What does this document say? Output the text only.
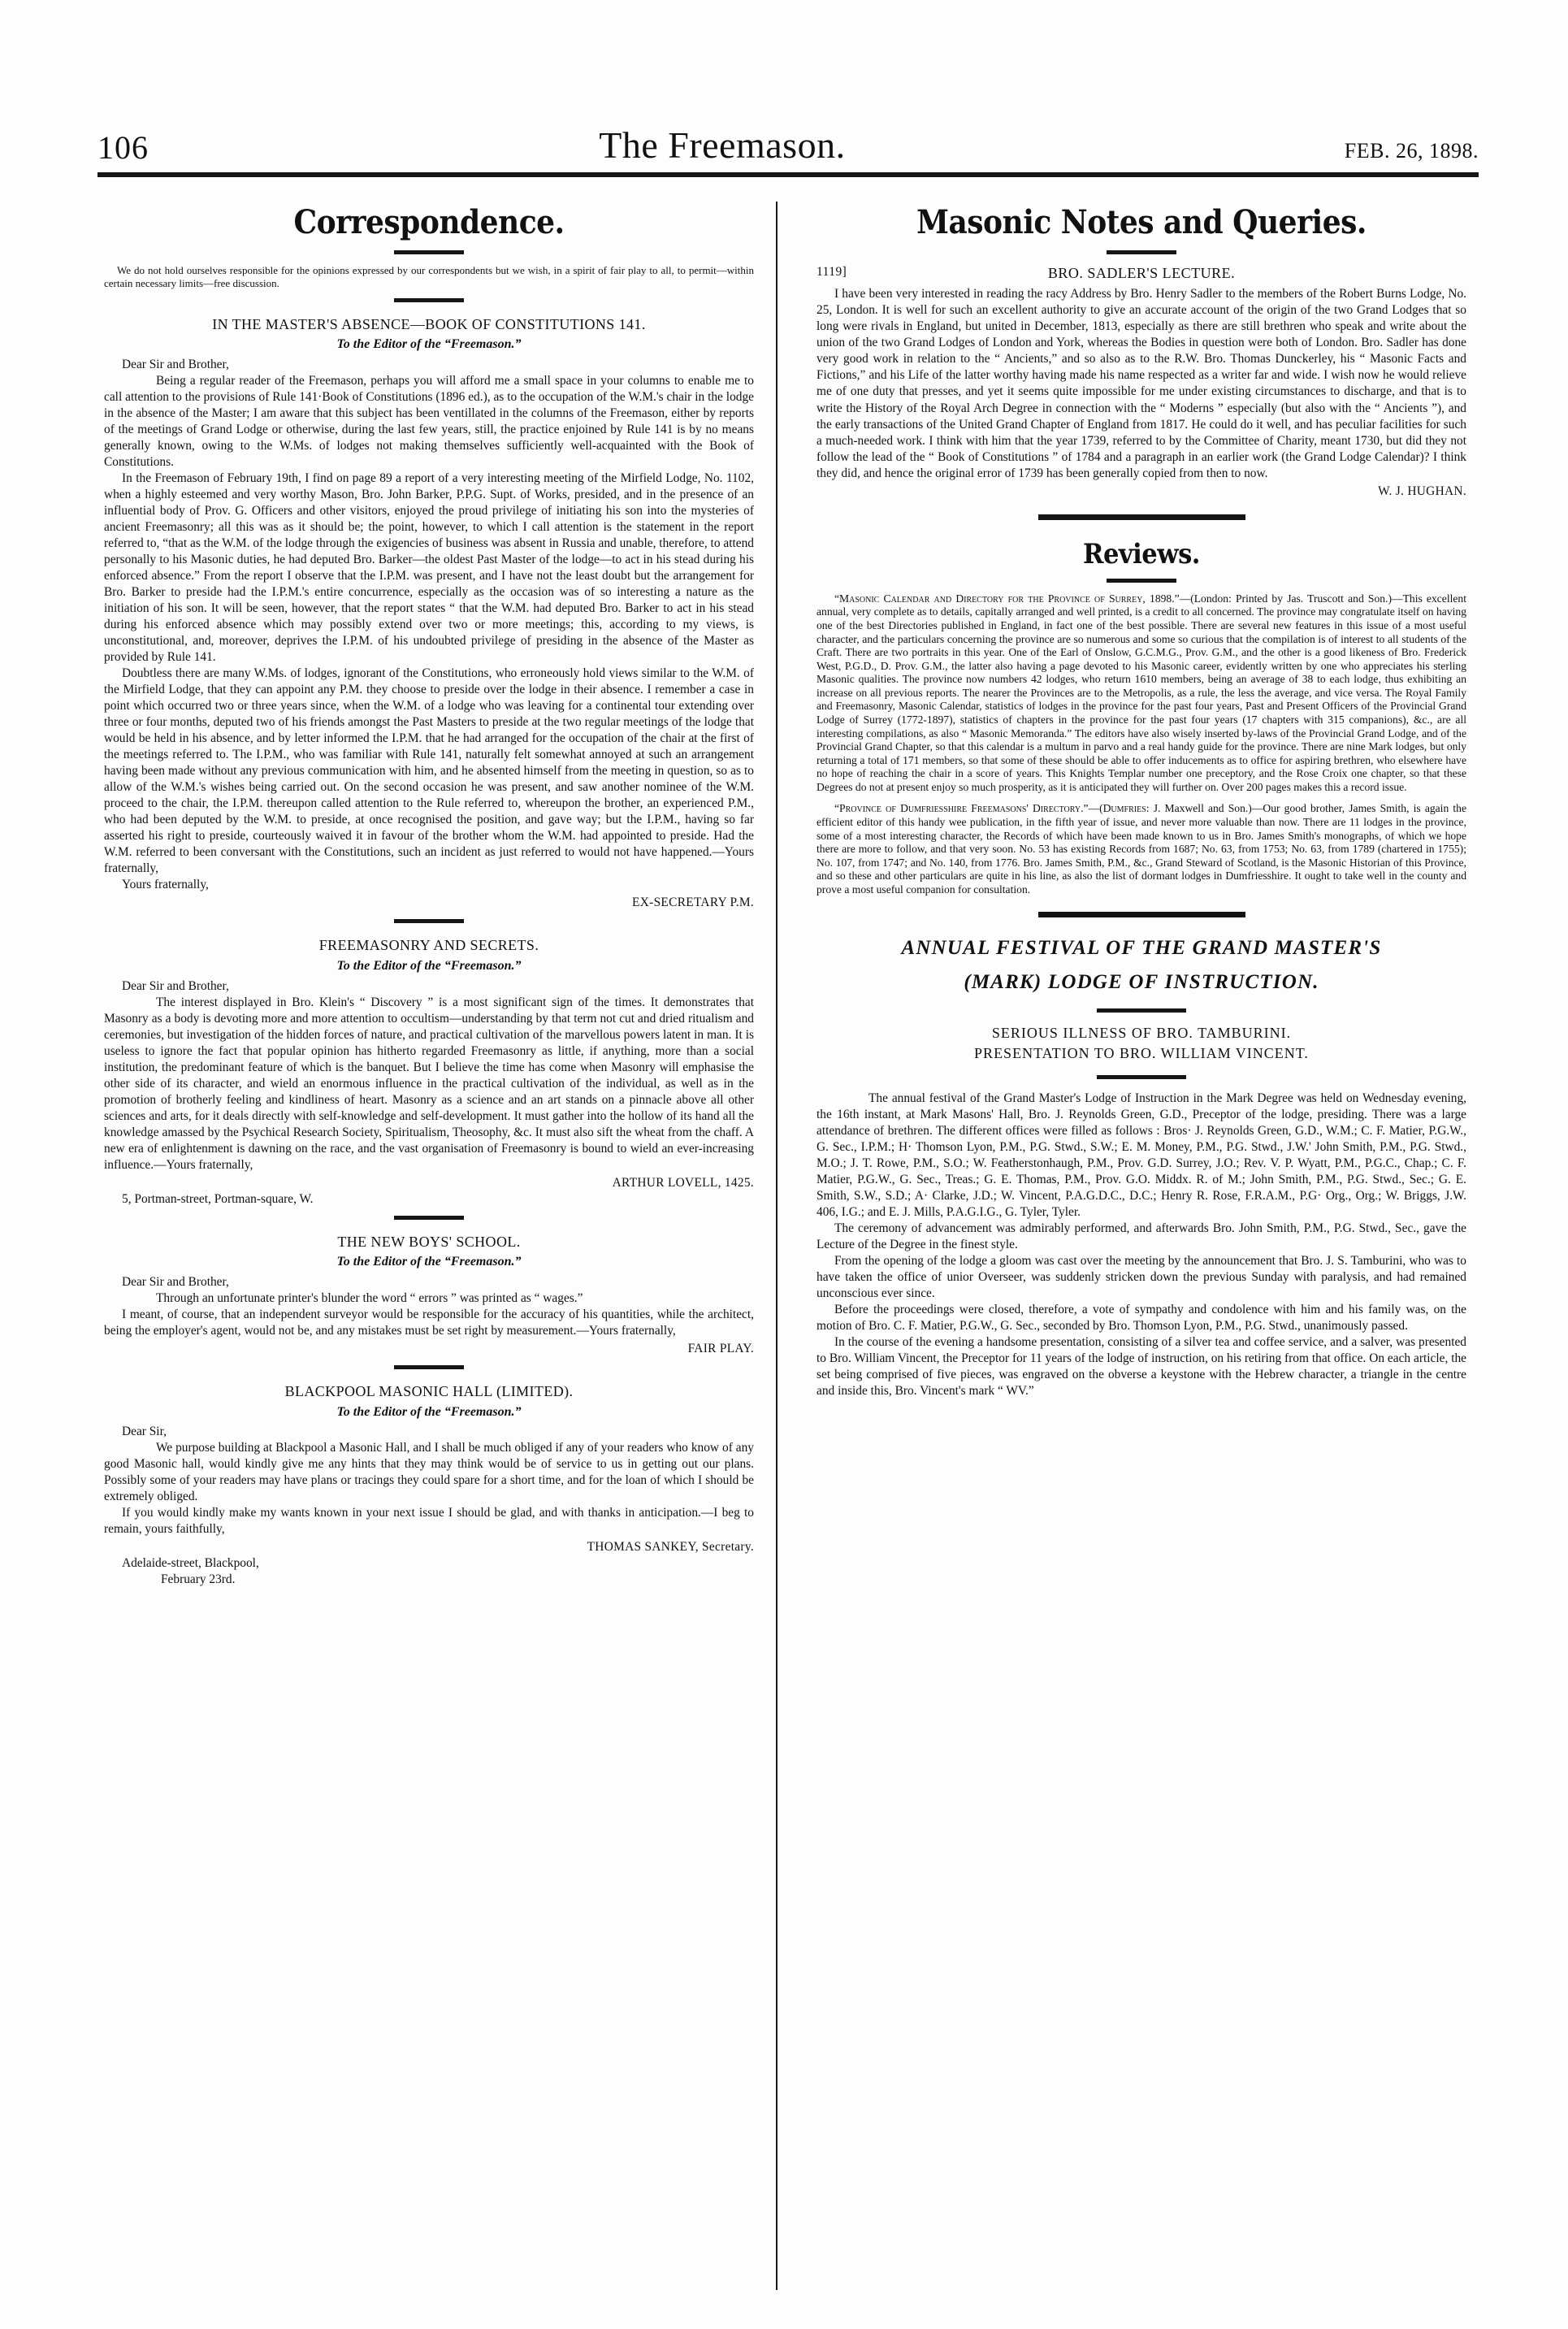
106	The Freemason.	FEB. 26, 1898.
Correspondence.

We do not hold ourselves responsible for the opinions expressed by our correspondents but we wish, in a spirit of fair play to all, to permit—within certain necessary limits—free discussion.

IN THE MASTER'S ABSENCE—BOOK OF CONSTITUTIONS 141.
To the Editor of the “Freemason.”

Dear Sir and Brother,

Being a regular reader of the Freemason, perhaps you will afford me a small space in your columns to enable me to call attention to the provisions of Rule 141·Book of Constitutions (1896 ed.), as to the occupation of the W.M.'s chair in the lodge in the absence of the Master; I am aware that this subject has been ventillated in the columns of the Freemason, either by reports of the meetings of Grand Lodge or otherwise, during the last few years, still, the practice enjoined by Rule 141 is by no means generally known, owing to the W.Ms. of lodges not making themselves sufficiently well-acquainted with the Book of Constitutions.

In the Freemason of February 19th, I find on page 89 a report of a very interesting meeting of the Mirfield Lodge, No. 1102, when a highly esteemed and very worthy Mason, Bro. John Barker, P.P.G. Supt. of Works, presided, and in the presence of an influential body of Prov. G. Officers and other visitors, enjoyed the proud privilege of initiating his son into the mysteries of ancient Freemasonry; all this was as it should be; the point, however, to which I call attention is the statement in the report referred to, “that as the W.M. of the lodge through the exigencies of business was absent in Russia and unable, therefore, to attend personally to his Masonic duties, he had deputed Bro. Barker—the oldest Past Master of the lodge—to act in his stead during his enforced absence.” From the report I observe that the I.P.M. was present, and I have not the least doubt but the arrangement for Bro. Barker to preside had the I.P.M.'s entire concurrence, especially as the occasion was of so interesting a nature as the initiation of his son. It will be seen, however, that the report states “ that the W.M. had deputed Bro. Barker to act in his stead during his enforced absence which may possibly extend over two or more meetings; this, according to my views, is unconstitutional, and, moreover, deprives the I.P.M. of his undoubted privilege of presiding in the absence of the Master as provided by Rule 141.

Doubtless there are many W.Ms. of lodges, ignorant of the Constitutions, who erroneously hold views similar to the W.M. of the Mirfield Lodge, that they can appoint any P.M. they choose to preside over the lodge in their absence. I remember a case in point which occurred two or three years since, when the W.M. of a lodge who was leaving for a continental tour extending over three or four months, deputed two of his friends amongst the Past Masters to preside at the two regular meetings of the lodge that would be held in his absence, and by letter informed the I.P.M. that he had arranged for the occupation of the chair at the first of the meetings referred to. The I.P.M., who was familiar with Rule 141, naturally felt somewhat annoyed at such an arrangement having been made without any previous communication with him, and he absented himself from the meeting in question, so as to allow of the W.M.'s wishes being carried out. On the second occasion he was present, and saw another nominee of the W.M. proceed to the chair, the I.P.M. thereupon called attention to the Rule referred to, whereupon the brother, an experienced P.M., who had been deputed by the W.M. to preside, at once recognised the position, and gave way; but the I.P.M., having so far asserted his right to preside, courteously waived it in favour of the brother whom the W.M. had appointed to preside. Had the W.M. referred to been conversant with the Constitutions, such an incident as just referred to would not have happened.—Yours fraternally,

Yours fraternally,

EX-SECRETARY P.M.

FREEMASONRY AND SECRETS.
To the Editor of the “Freemason.”

Dear Sir and Brother,

The interest displayed in Bro. Klein's “ Discovery ” is a most significant sign of the times. It demonstrates that Masonry as a body is devoting more and more attention to occultism—understanding by that term not cut and dried ritualism and ceremonies, but investigation of the hidden forces of nature, and practical cultivation of the marvellous powers latent in man. It is useless to ignore the fact that popular opinion has hitherto regarded Freemasonry as little, if anything, more than a social institution, the predominant feature of which is the banquet. But I believe the time has come when Masonry will emphasise the other side of its character, and wield an enormous influence in the practical cultivation of the individual, as well as in the promotion of brotherly feeling and kindliness of heart. Masonry as a science and an art stands on a pinnacle above all other sciences and arts, for it deals directly with self-knowledge and self-development. It must gather into the hollow of its hand all the knowledge amassed by the Psychical Research Society, Spiritualism, Theosophy, &c. It must also sift the wheat from the chaff. A new era of enlightenment is dawning on the race, and the vast organisation of Freemasonry is bound to wield an ever-increasing influence.—Yours fraternally,

ARTHUR LOVELL, 1425.

5, Portman-street, Portman-square, W.

THE NEW BOYS' SCHOOL.
To the Editor of the “Freemason.”

Dear Sir and Brother,

Through an unfortunate printer's blunder the word “ errors ” was printed as “ wages.”

I meant, of course, that an independent surveyor would be responsible for the accuracy of his quantities, while the architect, being the employer's agent, would not be, and any mistakes must be set right by measurement.—Yours fraternally,

FAIR PLAY.

BLACKPOOL MASONIC HALL (LIMITED).
To the Editor of the “Freemason.”

Dear Sir,

We purpose building at Blackpool a Masonic Hall, and I shall be much obliged if any of your readers who know of any good Masonic hall, would kindly give me any hints that they may think would be of service to us in getting out our plans. Possibly some of your readers may have plans or tracings they could spare for a short time, and for the loan of which I should be extremely obliged.

If you would kindly make my wants known in your next issue I should be glad, and with thanks in anticipation.—I beg to remain, yours faithfully,

THOMAS SANKEY, Secretary.

Adelaide-street, Blackpool,

February 23rd.

Masonic Notes and Queries.
1119]	BRO. SADLER'S LECTURE.

I have been very interested in reading the racy Address by Bro. Henry Sadler to the members of the Robert Burns Lodge, No. 25, London. It is well for such an excellent authority to give an accurate account of the origin of the two Grand Lodges that so long were rivals in England, but united in December, 1813, especially as there are still brethren who speak and write about the union of the two Grand Lodges of London and York, whereas the Bodies in question were both of London. Bro. Sadler has done very good work in relation to the “ Ancients,” and so also as to the R.W. Bro. Thomas Dunckerley, his “ Masonic Facts and Fictions,” and his Life of the latter worthy having made his name respected as a writer far and wide. I wish now he would relieve me of one duty that presses, and yet it seems quite impossible for me under existing circumstances to discharge, and that is to write the History of the Royal Arch Degree in connection with the “ Moderns ” especially (but also with the “ Ancients ”), and the early transactions of the United Grand Chapter of England from 1817. He could do it well, and has peculiar facilities for such a much-needed work. I think with him that the year 1739, referred to by the Committee of Charity, meant 1730, but did they not follow the lead of the “ Book of Constitutions ” of 1784 and a paragraph in an earlier work (the Grand Lodge Calendar)? I think they did, and hence the original error of 1739 has been generally copied from then to now.

W. J. HUGHAN.

Reviews.

“Masonic Calendar and Directory for the Province of Surrey, 1898.”—(London: Printed by Jas. Truscott and Son.)—This excellent annual, very complete as to details, capitally arranged and well printed, is a credit to all concerned. The province may congratulate itself on having one of the best Directories published in England, in fact one of the best possible. There are several new features in this issue of a most useful character, and the particulars concerning the province are so numerous and some so curious that the compilation is of interest to all students of the Craft. There are two portraits in this year. One of the Earl of Onslow, G.C.M.G., Prov. G.M., and the other is a good likeness of Bro. Frederick West, P.G.D., D. Prov. G.M., the latter also having a page devoted to his Masonic career, evidently written by one who appreciates his sterling Masonic qualities. The province now numbers 42 lodges, who return 1610 members, being an average of 38 to each lodge, thus exhibiting an increase on all previous reports. The nearer the Provinces are to the Metropolis, as a rule, the less the average, and vice versa. The Royal Family and Freemasonry, Masonic Calendar, statistics of lodges in the province for the past four years, Past and Present Officers of the Provincial Grand Lodge of Surrey (1772-1897), statistics of chapters in the province for the past four years (17 chapters with 315 companions), &c., are all interesting compilations, as also “ Masonic Memoranda.” The editors have also wisely inserted by-laws of the Provincial Grand Lodge, and of the Provincial Grand Chapter, so that this calendar is a multum in parvo and a real handy guide for the province. There are nine Mark lodges, but only returning a total of 171 members, so that some of these should be able to offer inducements as to office for aspiring brethren, who elsewhere have no hope of reaching the chair in a score of years. This Knights Templar number one preceptory, and the Rose Croix one chapter, so that these Degrees do not at present enjoy so much prosperity, as it is anticipated they will further on. Over 200 pages makes this a record issue.

“Province of Dumfriesshire Freemasons' Directory.”—(Dumfries: J. Maxwell and Son.)—Our good brother, James Smith, is again the efficient editor of this handy wee publication, in the fifth year of issue, and never more valuable than now. There are 11 lodges in the province, some of a most interesting character, the Records of which have been made known to us in Bro. James Smith's monographs, of which we hope there are more to follow, and that very soon. No. 53 has existing Records from 1687; No. 63, from 1753; No. 63, from 1789 (chartered in 1755); No. 107, from 1747; and No. 140, from 1776. Bro. James Smith, P.M., &c., Grand Steward of Scotland, is the Masonic Historian of this Province, and so these and other particulars are quite in his line, as also the list of dormant lodges in Dumfriesshire. It ought to take well in the county and prove a most useful companion for consultation.

ANNUAL FESTIVAL OF THE GRAND MASTER'S
(MARK) LODGE OF INSTRUCTION.
SERIOUS ILLNESS OF BRO. TAMBURINI.
PRESENTATION TO BRO. WILLIAM VINCENT.

The annual festival of the Grand Master's Lodge of Instruction in the Mark Degree was held on Wednesday evening, the 16th instant, at Mark Masons' Hall, Bro. J. Reynolds Green, G.D., Preceptor of the lodge, presiding. There was a large attendance of brethren. The different offices were filled as follows : Bros· J. Reynolds Green, G.D., W.M.; C. F. Matier, P.G.W., G. Sec., I.P.M.; H· Thomson Lyon, P.M., P.G. Stwd., S.W.; E. M. Money, P.M., P.G. Stwd., J.W.' John Smith, P.M., P.G. Stwd., M.O.; J. T. Rowe, P.M., S.O.; W. Featherstonhaugh, P.M., Prov. G.D. Surrey, J.O.; Rev. V. P. Wyatt, P.M., P.G.C., Chap.; C. F. Matier, P.G.W., G. Sec., Treas.; G. E. Thomas, P.M., Prov. G.O. Middx. R. of M.; John Smith, P.M., P.G. Stwd., Sec.; G. E. Smith, S.W., S.D.; A· Clarke, J.D.; W. Vincent, P.A.G.D.C., D.C.; Henry R. Rose, F.R.A.M., P.G· Org., Org.; W. Briggs, J.W. 406, I.G.; and E. J. Mills, P.A.G.I.G., G. Tyler, Tyler.

The ceremony of advancement was admirably performed, and afterwards Bro. John Smith, P.M., P.G. Stwd., Sec., gave the Lecture of the Degree in the finest style.

From the opening of the lodge a gloom was cast over the meeting by the announcement that Bro. J. S. Tamburini, who was to have taken the office of unior Overseer, was suddenly stricken down the previous Sunday with paralysis, and had remained unconscious ever since.

Before the proceedings were closed, therefore, a vote of sympathy and condolence with him and his family was, on the motion of Bro. C. F. Matier, P.G.W., G. Sec., seconded by Bro. Thomson Lyon, P.M., P.G. Stwd., unanimously passed.

In the course of the evening a handsome presentation, consisting of a silver tea and coffee service, and a salver, was presented to Bro. William Vincent, the Preceptor for 11 years of the lodge of instruction, on his retiring from that office. On each article, the set being comprised of five pieces, was engraved on the obverse a keystone with the Hebrew character, a triangle in the centre and inside this, Bro. Vincent's mark “ WV.”
